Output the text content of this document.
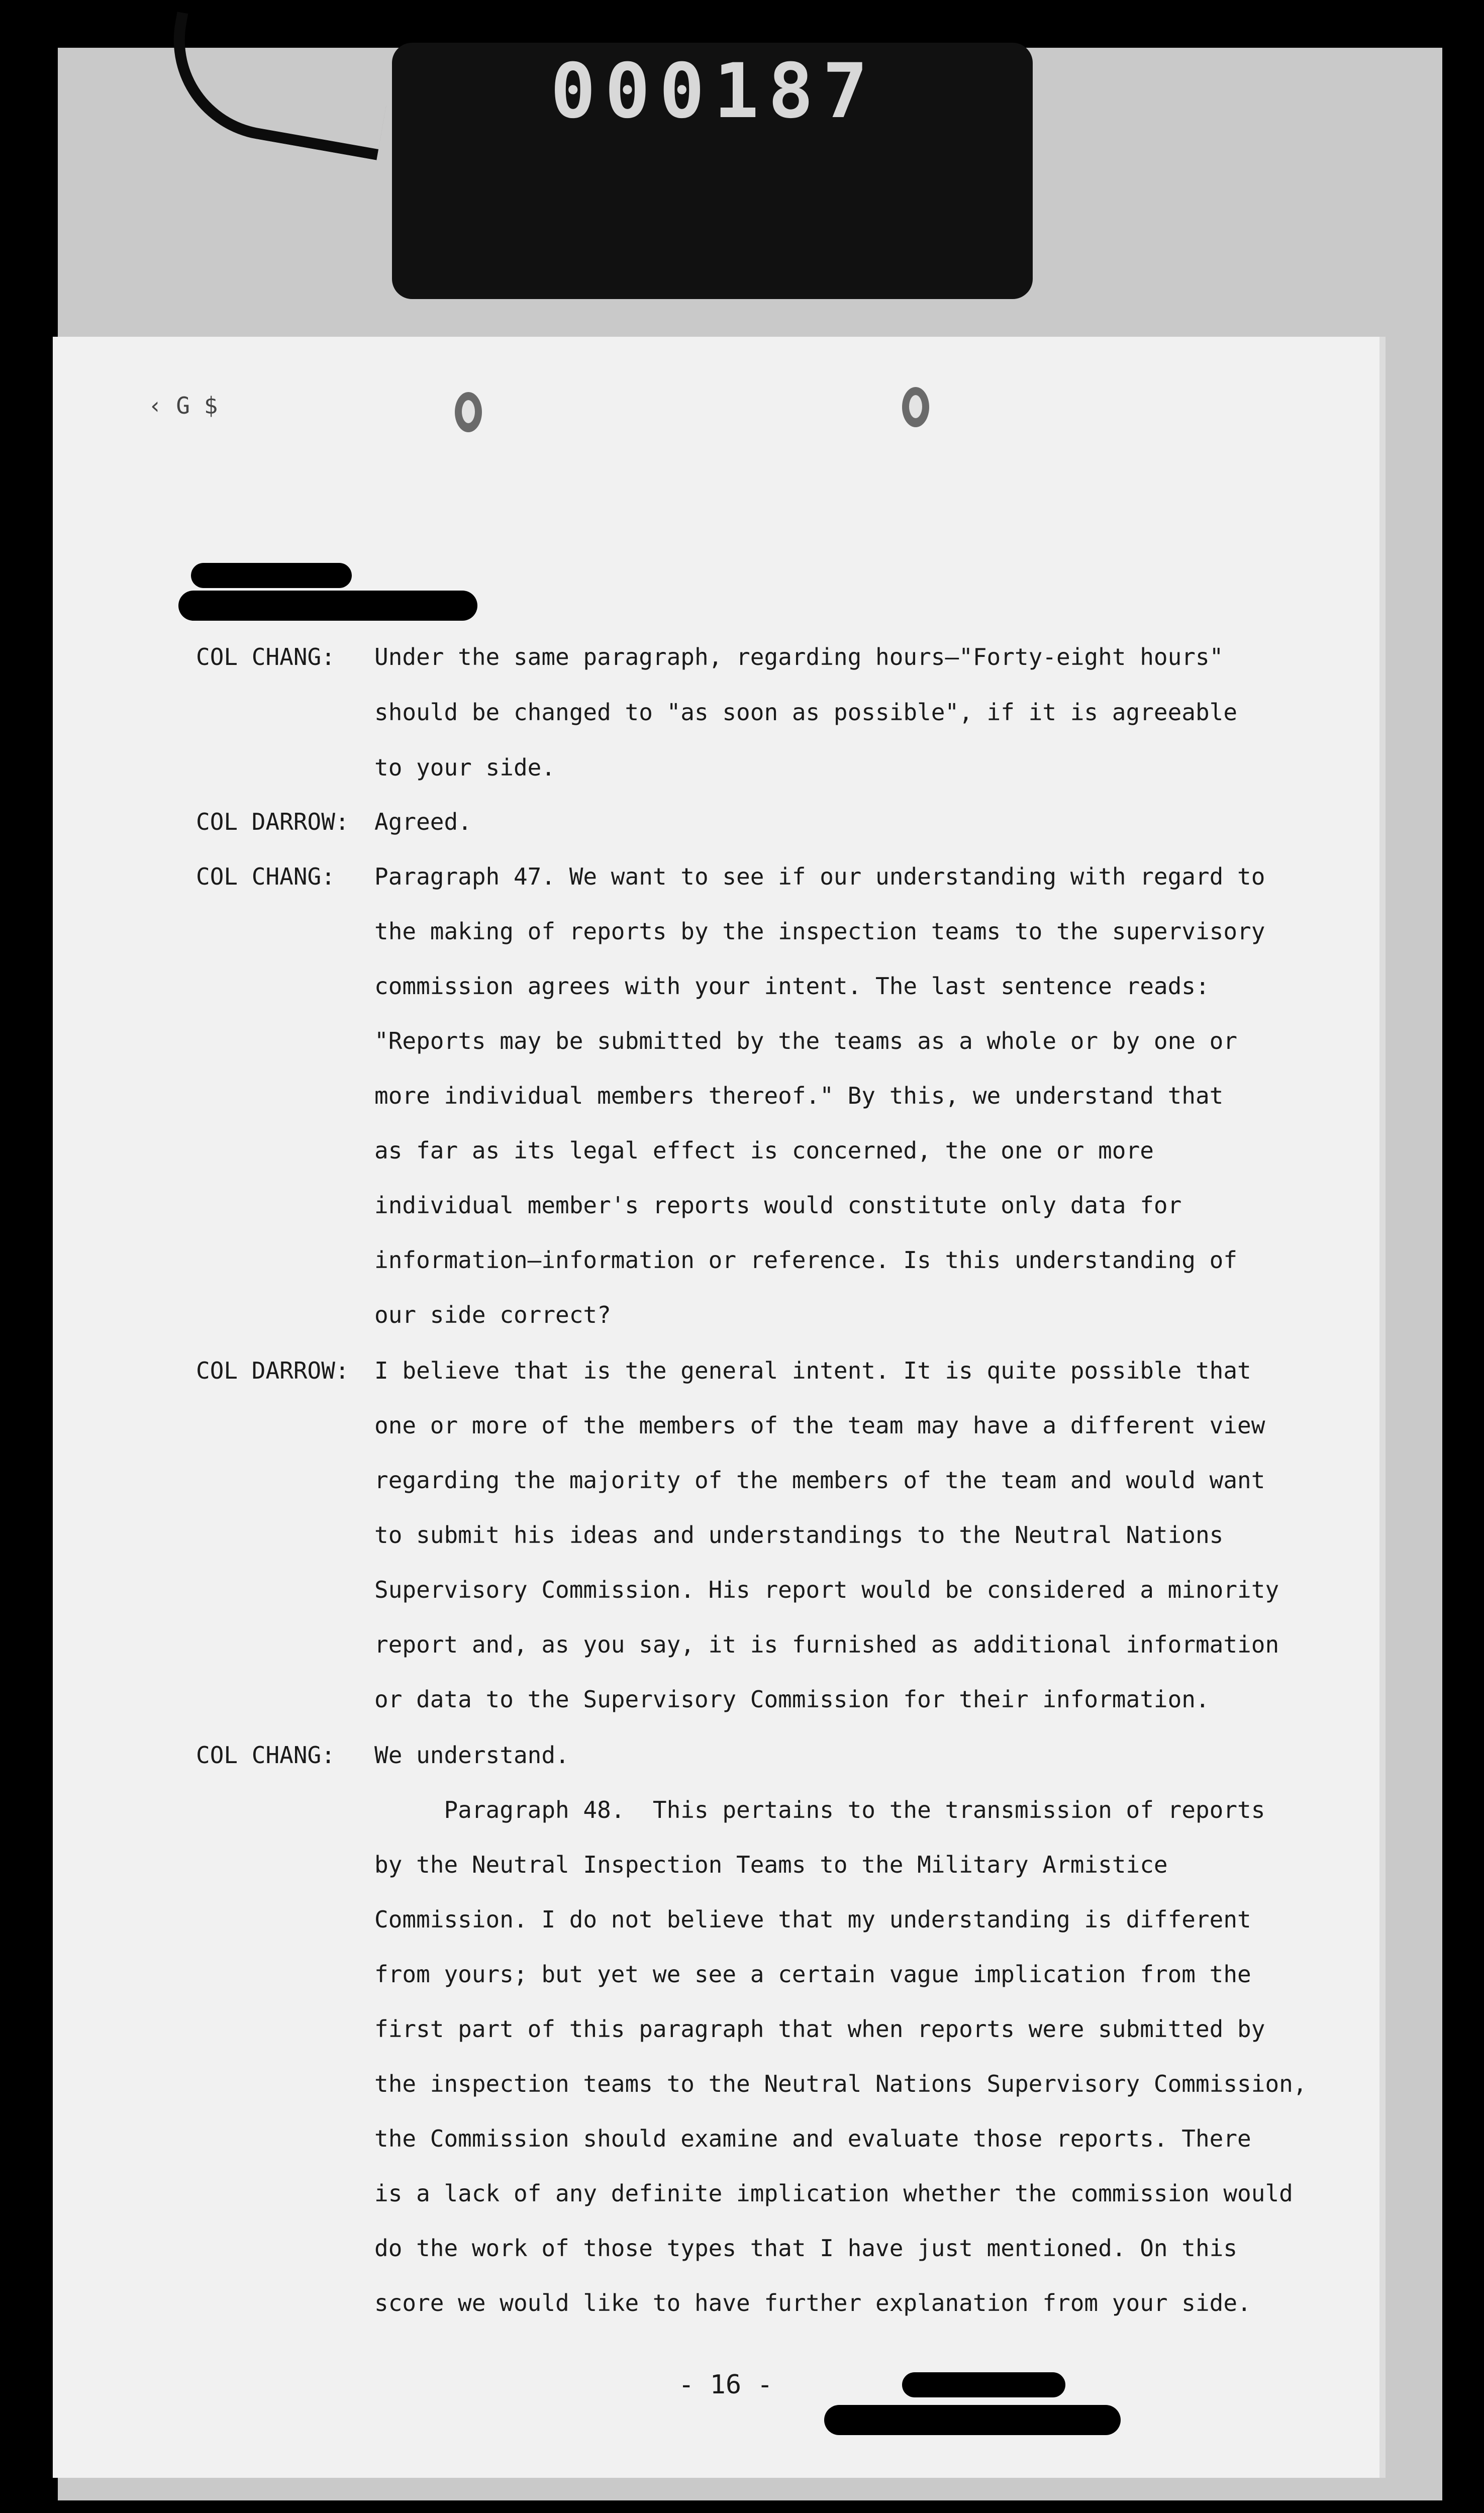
000187
‹ G $
COL CHANG:
COL DARROW:
COL CHANG:
COL DARROW:
COL CHANG:
Under the same paragraph, regarding hours—"Forty-eight hours"
should be changed to "as soon as possible", if it is agreeable
to your side.
Agreed.
Paragraph 47. We want to see if our understanding with regard to
the making of reports by the inspection teams to the supervisory
commission agrees with your intent. The last sentence reads:
"Reports may be submitted by the teams as a whole or by one or
more individual members thereof." By this, we understand that
as far as its legal effect is concerned, the one or more
individual member's reports would constitute only data for
information—information or reference. Is this understanding of
our side correct?
I believe that is the general intent. It is quite possible that
one or more of the members of the team may have a different view
regarding the majority of the members of the team and would want
to submit his ideas and understandings to the Neutral Nations
Supervisory Commission. His report would be considered a minority
report and, as you say, it is furnished as additional information
or data to the Supervisory Commission for their information.
We understand.
Paragraph 48.  This pertains to the transmission of reports
by the Neutral Inspection Teams to the Military Armistice
Commission. I do not believe that my understanding is different
from yours; but yet we see a certain vague implication from the
first part of this paragraph that when reports were submitted by
the inspection teams to the Neutral Nations Supervisory Commission,
the Commission should examine and evaluate those reports. There
is a lack of any definite implication whether the commission would
do the work of those types that I have just mentioned. On this
score we would like to have further explanation from your side.
- 16 -
